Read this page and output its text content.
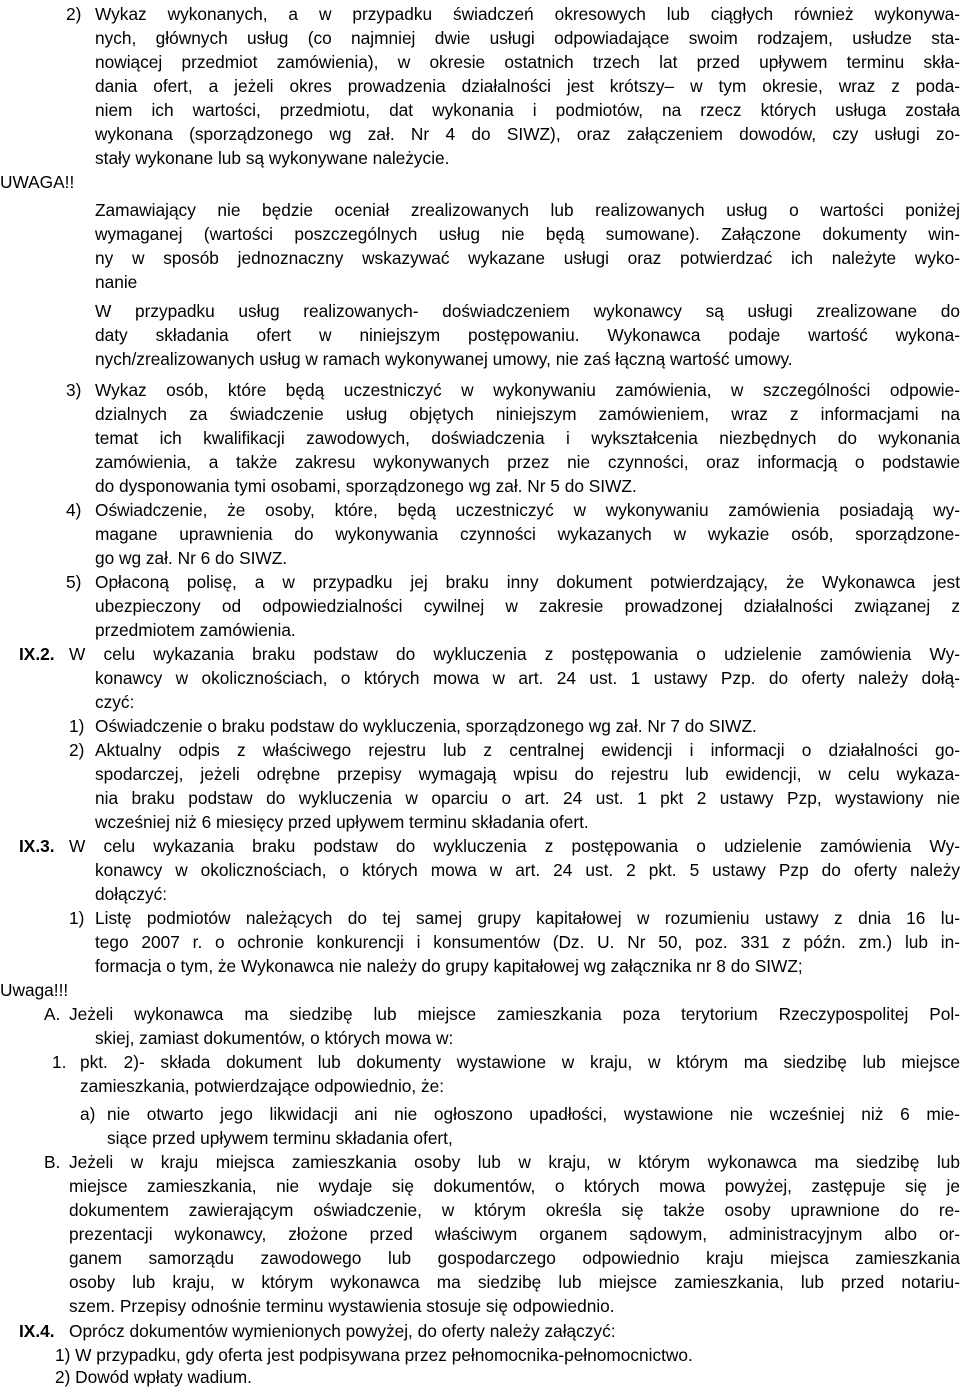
2) Wykaz wykonanych, a w przypadku świadczeń okresowych lub ciągłych również wykonywa-
nych, głównych usług (co najmniej dwie usługi odpowiadające swoim rodzajem, usłudze sta-
nowiącej przedmiot zamówienia), w okresie ostatnich trzech lat przed upływem terminu skła-
dania ofert, a jeżeli okres prowadzenia działalności jest krótszy– w tym okresie, wraz z poda-
niem ich wartości, przedmiotu, dat wykonania i podmiotów, na rzecz których usługa została
wykonana (sporządzonego wg zał. Nr 4 do SIWZ), oraz załączeniem dowodów, czy usługi zo-
stały wykonane lub są wykonywane należycie.
UWAGA!!
Zamawiający nie będzie oceniał zrealizowanych lub realizowanych usług o wartości poniżej
wymaganej (wartości poszczególnych usług nie będą sumowane). Załączone dokumenty win-
ny w sposób jednoznaczny wskazywać wykazane usługi oraz potwierdzać ich należyte wyko-
nanie
W przypadku usług realizowanych- doświadczeniem wykonawcy są usługi zrealizowane do
daty składania ofert w niniejszym postępowaniu. Wykonawca podaje wartość wykona-
nych/zrealizowanych usług w ramach wykonywanej umowy, nie zaś łączną wartość umowy.
3) Wykaz osób, które będą uczestniczyć w wykonywaniu zamówienia, w szczególności odpowie-
dzialnych za świadczenie usług objętych niniejszym zamówieniem, wraz z informacjami na
temat ich kwalifikacji zawodowych, doświadczenia i wykształcenia niezbędnych do wykonania
zamówienia, a także zakresu wykonywanych przez nie czynności, oraz informacją o podstawie
do dysponowania tymi osobami, sporządzonego wg zał. Nr 5 do SIWZ.
4) Oświadczenie, że osoby, które, będą uczestniczyć w wykonywaniu zamówienia posiadają wy-
magane uprawnienia do wykonywania czynności wykazanych w wykazie osób, sporządzone-
go wg zał. Nr 6 do SIWZ.
5) Opłaconą polisę, a w przypadku jej braku inny dokument potwierdzający, że Wykonawca jest
ubezpieczony od odpowiedzialności cywilnej w zakresie prowadzonej działalności związanej z
przedmiotem zamówienia.
IX.2. W celu wykazania braku podstaw do wykluczenia z postępowania o udzielenie zamówienia Wy-
konawcy w okolicznościach, o których mowa w art. 24 ust. 1 ustawy Pzp. do oferty należy dołą-
czyć:
1) Oświadczenie o braku podstaw do wykluczenia, sporządzonego wg zał. Nr 7 do SIWZ.
2) Aktualny odpis z właściwego rejestru lub z centralnej ewidencji i informacji o działalności go-
spodarczej, jeżeli odrębne przepisy wymagają wpisu do rejestru lub ewidencji, w celu wykaza-
nia braku podstaw do wykluczenia w oparciu o art. 24 ust. 1 pkt 2 ustawy Pzp, wystawiony nie
wcześniej niż 6 miesięcy przed upływem terminu składania ofert.
IX.3. W celu wykazania braku podstaw do wykluczenia z postępowania o udzielenie zamówienia Wy-
konawcy w okolicznościach, o których mowa w art. 24 ust. 2 pkt. 5 ustawy Pzp do oferty należy
dołączyć:
1) Listę podmiotów należących do tej samej grupy kapitałowej w rozumieniu ustawy z dnia 16 lu-
tego 2007 r. o ochronie konkurencji i konsumentów (Dz. U. Nr 50, poz. 331 z późn. zm.) lub in-
formacja o tym, że Wykonawca nie należy do grupy kapitałowej wg załącznika nr 8 do SIWZ;
Uwaga!!!
A. Jeżeli wykonawca ma siedzibę lub miejsce zamieszkania poza terytorium Rzeczypospolitej Pol-
skiej, zamiast dokumentów, o których mowa w:
1. pkt. 2)- składa dokument lub dokumenty wystawione w kraju, w którym ma siedzibę lub miejsce
zamieszkania, potwierdzające odpowiednio, że:
a) nie otwarto jego likwidacji ani nie ogłoszono upadłości, wystawione nie wcześniej niż 6 mie-
siące przed upływem terminu składania ofert,
B. Jeżeli w kraju miejsca zamieszkania osoby lub w kraju, w którym wykonawca ma siedzibę lub
miejsce zamieszkania, nie wydaje się dokumentów, o których mowa powyżej, zastępuje się je
dokumentem zawierającym oświadczenie, w którym określa się także osoby uprawnione do re-
prezentacji wykonawcy, złożone przed właściwym organem sądowym, administracyjnym albo or-
ganem samorządu zawodowego lub gospodarczego odpowiednio kraju miejsca zamieszkania
osoby lub kraju, w którym wykonawca ma siedzibę lub miejsce zamieszkania, lub przed notariu-
szem. Przepisy odnośnie terminu wystawienia stosuje się odpowiednio.
IX.4. Oprócz dokumentów wymienionych powyżej, do oferty należy załączyć:
1) W przypadku, gdy oferta jest podpisywana przez pełnomocnika-pełnomocnictwo.
2) Dowód wpłaty wadium.
